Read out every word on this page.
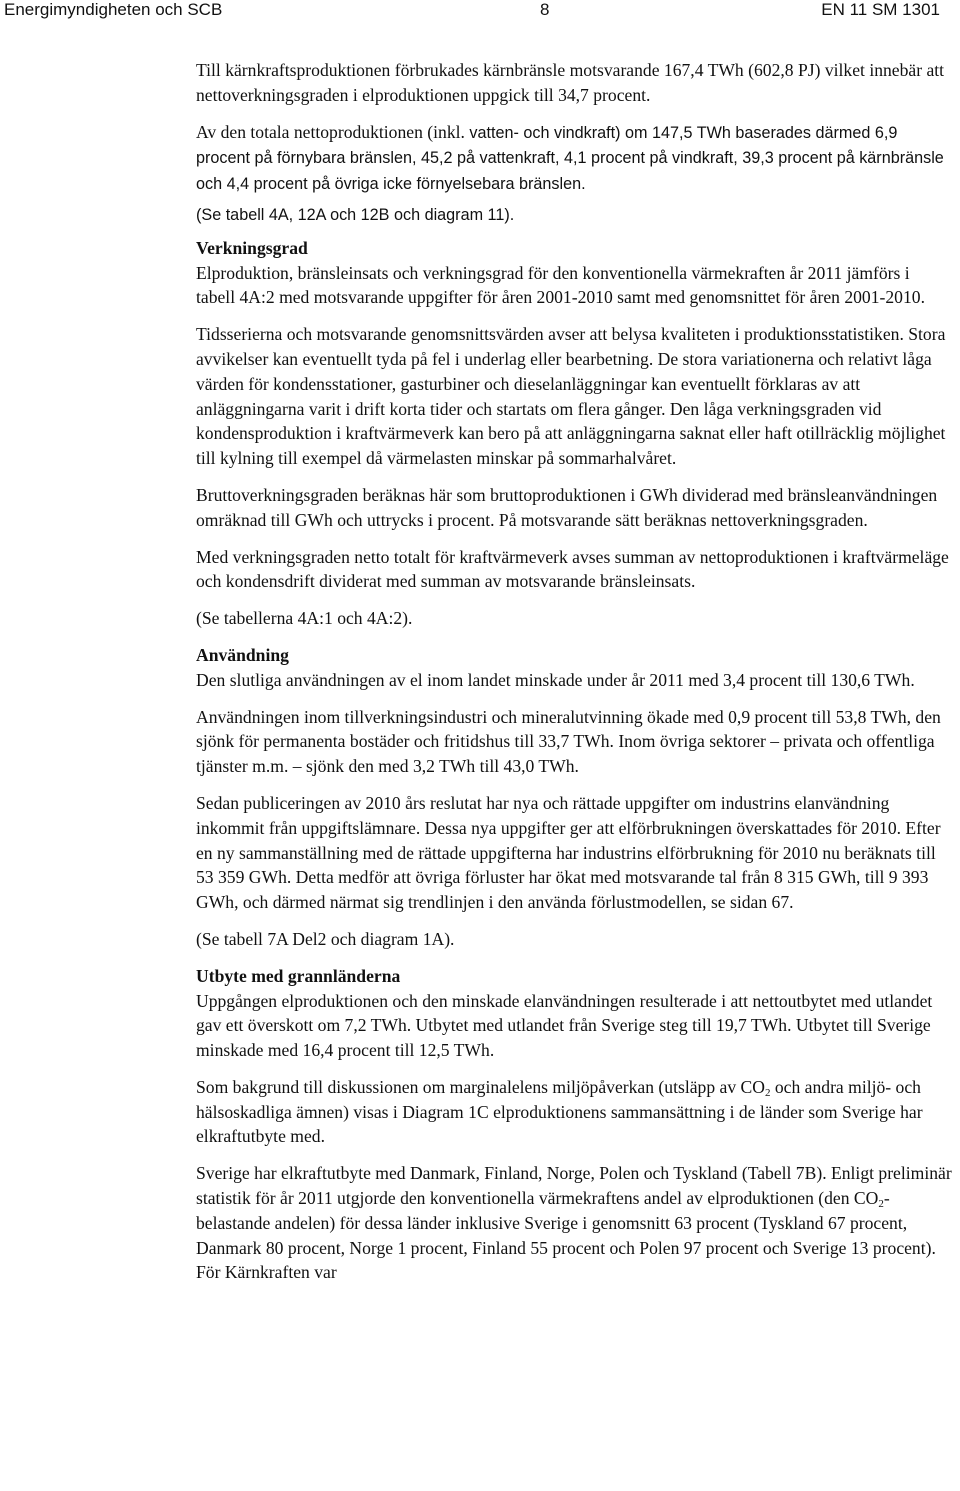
Energimyndigheten och SCB	8	EN 11 SM 1301

Till kärnkraftsproduktionen förbrukades kärnbränsle motsvarande 167,4 TWh (602,8 PJ) vilket innebär att nettoverkningsgraden i elproduktionen uppgick till 34,7 procent.

Av den totala nettoproduktionen (inkl. vatten- och vindkraft) om 147,5 TWh baserades därmed 6,9 procent på förnybara bränslen, 45,2 på vattenkraft, 4,1 procent på vindkraft, 39,3 procent på kärnbränsle och 4,4 procent på övriga icke förnyelsebara bränslen.

(Se tabell 4A, 12A och 12B och diagram 11).

Verkningsgrad

Elproduktion, bränsleinsats och verkningsgrad för den konventionella värmekraften år 2011 jämförs i tabell 4A:2 med motsvarande uppgifter för åren 2001-2010 samt med genomsnittet för åren 2001-2010.

Tidsserierna och motsvarande genomsnittsvärden avser att belysa kvaliteten i produktionsstatistiken. Stora avvikelser kan eventuellt tyda på fel i underlag eller bearbetning. De stora variationerna och relativt låga värden för kondensstationer, gasturbiner och dieselanläggningar kan eventuellt förklaras av att anläggningarna varit i drift korta tider och startats om flera gånger. Den låga verkningsgraden vid kondensproduktion i kraftvärmeverk kan bero på att anläggningarna saknat eller haft otillräcklig möjlighet till kylning till exempel då värmelasten minskar på sommarhalvåret.

Bruttoverkningsgraden beräknas här som bruttoproduktionen i GWh dividerad med bränsleanvändningen omräknad till GWh och uttrycks i procent. På motsvarande sätt beräknas nettoverkningsgraden.

Med verkningsgraden netto totalt för kraftvärmeverk avses summan av nettoproduktionen i kraftvärmeläge och kondensdrift dividerat med summan av motsvarande bränsleinsats.

(Se tabellerna 4A:1 och 4A:2).

Användning

Den slutliga användningen av el inom landet minskade under år 2011 med 3,4 procent till 130,6 TWh.

Användningen inom tillverkningsindustri och mineralutvinning ökade med 0,9 procent till 53,8 TWh, den sjönk för permanenta bostäder och fritidshus till 33,7 TWh. Inom övriga sektorer – privata och offentliga tjänster m.m. – sjönk den med 3,2 TWh till 43,0 TWh.

Sedan publiceringen av 2010 års reslutat har nya och rättade uppgifter om industrins elanvändning inkommit från uppgiftslämnare. Dessa nya uppgifter ger att elförbrukningen överskattades för 2010. Efter en ny sammanställning med de rättade uppgifterna har industrins elförbrukning för 2010 nu beräknats till 53 359 GWh. Detta medför att övriga förluster har ökat med motsvarande tal från 8 315 GWh, till 9 393 GWh, och därmed närmat sig trendlinjen i den använda förlustmodellen, se sidan 67.

(Se tabell 7A Del2 och diagram 1A).

Utbyte med grannländerna

Uppgången elproduktionen och den minskade elanvändningen resulterade i att nettoutbytet med utlandet gav ett överskott om 7,2 TWh. Utbytet med utlandet från Sverige steg till 19,7 TWh. Utbytet till Sverige minskade med 16,4 procent till 12,5 TWh.

Som bakgrund till diskussionen om marginalelens miljöpåverkan (utsläpp av $CO_2$ och andra miljö- och hälsoskadliga ämnen) visas i Diagram 1C elproduktionens sammansättning i de länder som Sverige har elkraftutbyte med.

Sverige har elkraftutbyte med Danmark, Finland, Norge, Polen och Tyskland (Tabell 7B). Enligt preliminär statistik för år 2011 utgjorde den konventionella värmekraftens andel av elproduktionen (den $CO_2$-belastande andelen) för dessa länder inklusive Sverige i genomsnitt 63 procent (Tyskland 67 procent, Danmark 80 procent, Norge 1 procent, Finland 55 procent och Polen 97 procent och Sverige 13 procent). För Kärnkraften var
